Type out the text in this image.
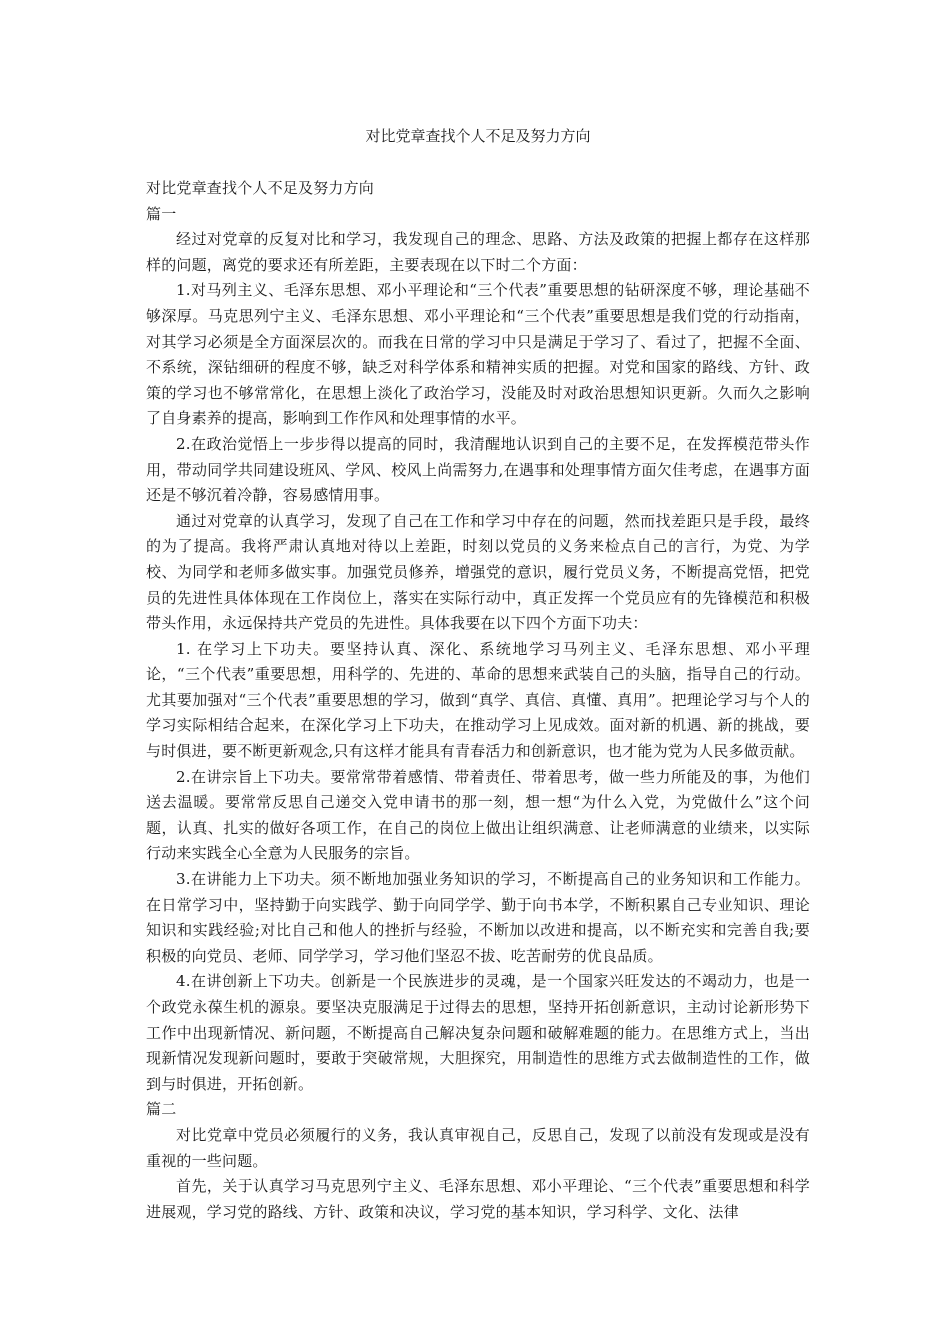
对比党章查找个人不足及努力方向

对比党章查找个人不足及努力方向

篇一

经过对党章的反复对比和学习，我发现自己的理念、思路、方法及政策的把握上都存在这样那样的问题，离党的要求还有所差距，主要表现在以下时二个方面：

1.对马列主义、毛泽东思想、邓小平理论和“三个代表”重要思想的钻研深度不够，理论基础不够深厚。马克思列宁主义、毛泽东思想、邓小平理论和“三个代表”重要思想是我们党的行动指南，对其学习必须是全方面深层次的。而我在日常的学习中只是满足于学习了、看过了，把握不全面、不系统，深钻细研的程度不够，缺乏对科学体系和精神实质的把握。对党和国家的路线、方针、政策的学习也不够常常化，在思想上淡化了政治学习，没能及时对政治思想知识更新。久而久之影响了自身素养的提高，影响到工作作风和处理事情的水平。

2.在政治觉悟上一步步得以提高的同时，我清醒地认识到自己的主要不足，在发挥模范带头作用，带动同学共同建设班风、学风、校风上尚需努力,在遇事和处理事情方面欠佳考虑，在遇事方面还是不够沉着冷静，容易感情用事。

通过对党章的认真学习，发现了自己在工作和学习中存在的问题，然而找差距只是手段，最终的为了提高。我将严肃认真地对待以上差距，时刻以党员的义务来检点自己的言行，为党、为学校、为同学和老师多做实事。加强党员修养，增强党的意识，履行党员义务，不断提高党悟，把党员的先进性具体体现在工作岗位上，落实在实际行动中，真正发挥一个党员应有的先锋模范和积极带头作用，永远保持共产党员的先进性。具体我要在以下四个方面下功夫：

1. 在学习上下功夫。要坚持认真、深化、系统地学习马列主义、毛泽东思想、邓小平理论，“三个代表”重要思想，用科学的、先进的、革命的思想来武装自己的头脑，指导自己的行动。尤其要加强对“三个代表”重要思想的学习，做到“真学、真信、真懂、真用”。把理论学习与个人的学习实际相结合起来，在深化学习上下功夫，在推动学习上见成效。面对新的机遇、新的挑战，要与时俱进，要不断更新观念,只有这样才能具有青春活力和创新意识，也才能为党为人民多做贡献。

2.在讲宗旨上下功夫。要常常带着感情、带着责任、带着思考，做一些力所能及的事，为他们送去温暖。要常常反思自己递交入党申请书的那一刻，想一想“为什么入党，为党做什么”这个问题，认真、扎实的做好各项工作，在自己的岗位上做出让组织满意、让老师满意的业绩来，以实际行动来实践全心全意为人民服务的宗旨。

3.在讲能力上下功夫。须不断地加强业务知识的学习，不断提高自己的业务知识和工作能力。在日常学习中，坚持勤于向实践学、勤于向同学学、勤于向书本学，不断积累自己专业知识、理论知识和实践经验;对比自己和他人的挫折与经验，不断加以改进和提高，以不断充实和完善自我;要积极的向党员、老师、同学学习，学习他们坚忍不拔、吃苦耐劳的优良品质。

4.在讲创新上下功夫。创新是一个民族进步的灵魂，是一个国家兴旺发达的不竭动力，也是一个政党永葆生机的源泉。要坚决克服满足于过得去的思想，坚持开拓创新意识，主动讨论新形势下工作中出现新情况、新问题，不断提高自己解决复杂问题和破解难题的能力。在思维方式上，当出现新情况发现新问题时，要敢于突破常规，大胆探究，用制造性的思维方式去做制造性的工作，做到与时俱进，开拓创新。

篇二

对比党章中党员必须履行的义务，我认真审视自己，反思自己，发现了以前没有发现或是没有重视的一些问题。

首先，关于认真学习马克思列宁主义、毛泽东思想、邓小平理论、“三个代表”重要思想和科学进展观，学习党的路线、方针、政策和决议，学习党的基本知识，学习科学、文化、法律
